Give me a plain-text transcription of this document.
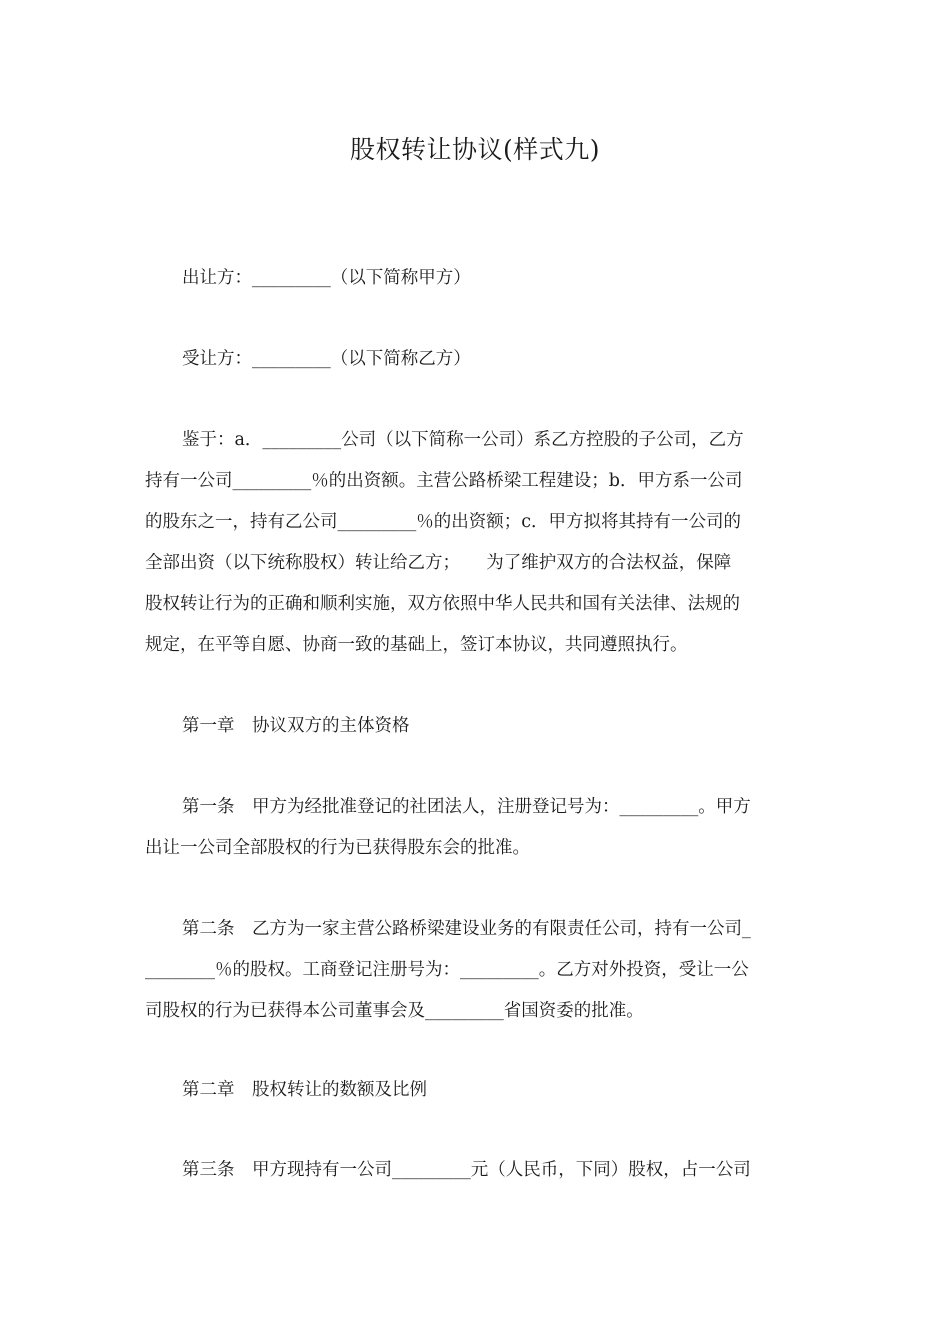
股权转让协议(样式九)
出让方：_________（以下简称甲方）
受让方：_________（以下简称乙方）
鉴于：a．_________公司（以下简称一公司）系乙方控股的子公司，乙方
持有一公司_________％的出资额。主营公路桥梁工程建设；b．甲方系一公司
的股东之一，持有乙公司_________％的出资额；c．甲方拟将其持有一公司的
全部出资（以下统称股权）转让给乙方；　　为了维护双方的合法权益，保障
股权转让行为的正确和顺利实施，双方依照中华人民共和国有关法律、法规的
规定，在平等自愿、协商一致的基础上，签订本协议，共同遵照执行。
第一章　协议双方的主体资格
第一条　甲方为经批准登记的社团法人，注册登记号为：_________。甲方
出让一公司全部股权的行为已获得股东会的批准。
第二条　乙方为一家主营公路桥梁建设业务的有限责任公司，持有一公司_
________％的股权。工商登记注册号为：_________。乙方对外投资，受让一公
司股权的行为已获得本公司董事会及_________省国资委的批准。
第二章　股权转让的数额及比例
第三条　甲方现持有一公司_________元（人民币，下同）股权，占一公司
